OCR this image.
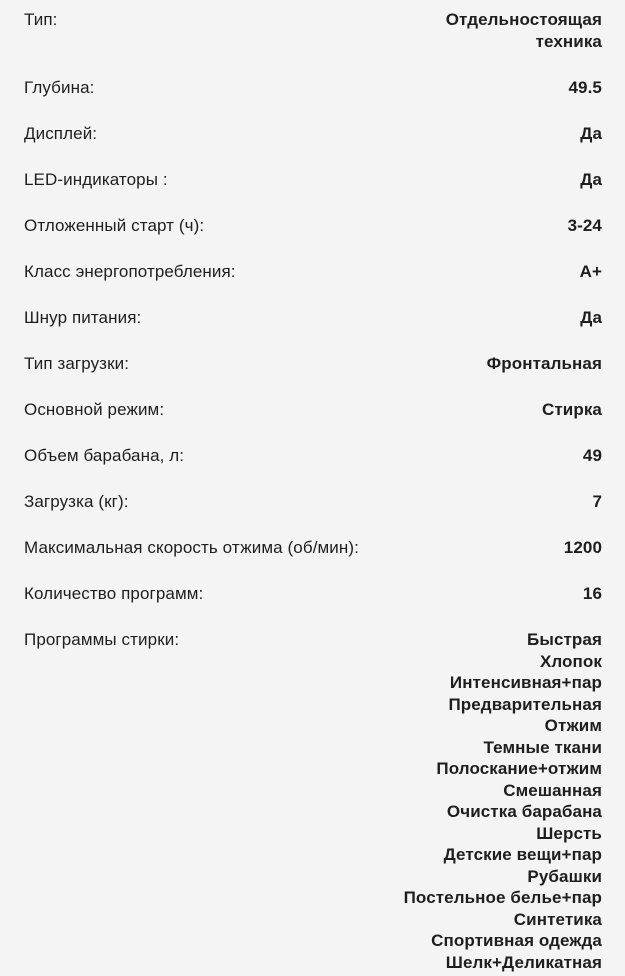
Тип:	Отдельностоящая техника
Глубина:	49.5
Дисплей:	Да
LED-индикаторы :	Да
Отложенный старт (ч):	3-24
Класс энергопотребления:	А+
Шнур питания:	Да
Тип загрузки:	Фронтальная
Основной режим:	Стирка
Объем барабана, л:	49
Загрузка (кг):	7
Максимальная скорость отжима (об/мин):	1200
Количество программ:	16
Программы стирки:	Быстрая
Хлопок
Интенсивная+пар
Предварительная
Отжим
Темные ткани
Полоскание+отжим
Смешанная
Очистка барабана
Шерсть
Детские вещи+пар
Рубашки
Постельное белье+пар
Синтетика
Спортивная одежда
Шелк+Деликатная
